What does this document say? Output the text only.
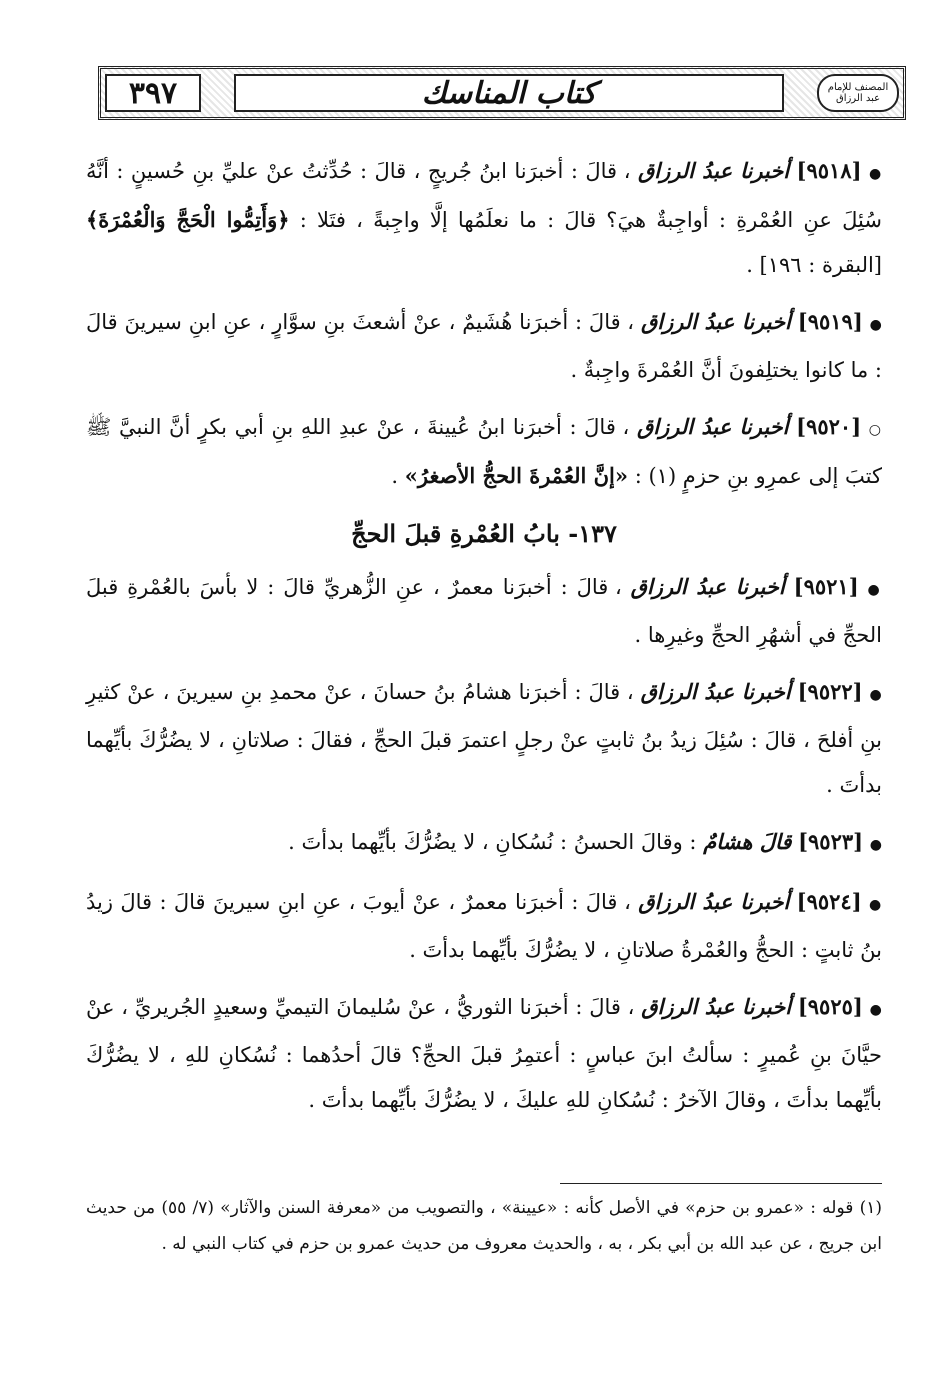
٣٩٧	كتاب المناسك	المصنف للإمام عبد الرزاق

● [٩٥١٨] أخبرنا عبدُ الرزاق ، قالَ : أخبرَنا ابنُ جُريجٍ ، قالَ : حُدِّثتُ عنْ عليِّ بنِ حُسينٍ : أنَّهُ سُئِلَ عنِ العُمْرةِ : أواجِبةٌ هيَ؟ قالَ : ما نعلَمُها إلَّا واجِبةً ، فتَلا : ﴿وَأَتِمُّوا الْحَجَّ وَالْعُمْرَةَ﴾ [البقرة : ١٩٦] .

● [٩٥١٩] أخبرنا عبدُ الرزاق ، قالَ : أخبرَنا هُشَيمٌ ، عنْ أشعثَ بنِ سوَّارٍ ، عنِ ابنِ سيرينَ قالَ : ما كانوا يختلِفونَ أنَّ العُمْرةَ واجِبةٌ .

○ [٩٥٢٠] أخبرنا عبدُ الرزاق ، قالَ : أخبرَنا ابنُ عُيينةَ ، عنْ عبدِ اللهِ بنِ أبي بكرٍ أنَّ النبيَّ ﷺ كتبَ إلى عمرِو بنِ حزمٍ (١) : «إنَّ العُمْرةَ الحجُّ الأصغرُ» .

١٣٧- بابُ العُمْرةِ قبلَ الحجِّ

● [٩٥٢١] أخبرنا عبدُ الرزاق ، قالَ : أخبرَنا معمرٌ ، عنِ الزُّهريِّ قالَ : لا بأسَ بالعُمْرةِ قبلَ الحجِّ في أشهُرِ الحجِّ وغيرِها .

● [٩٥٢٢] أخبرنا عبدُ الرزاق ، قالَ : أخبرَنا هشامُ بنُ حسانَ ، عنْ محمدِ بنِ سيرينَ ، عنْ كثيرِ بنِ أفلحَ ، قالَ : سُئِلَ زيدُ بنُ ثابتٍ عنْ رجلٍ اعتمرَ قبلَ الحجِّ ، فقالَ : صلاتانِ ، لا يضُرُّكَ بأيِّهما بدأتَ .

● [٩٥٢٣] قالَ هشامٌ : وقالَ الحسنُ : نُسُكانِ ، لا يضُرُّكَ بأيِّهما بدأتَ .

● [٩٥٢٤] أخبرنا عبدُ الرزاق ، قالَ : أخبرَنا معمرٌ ، عنْ أيوبَ ، عنِ ابنِ سيرينَ قالَ : قالَ زيدُ بنُ ثابتٍ : الحجُّ والعُمْرةُ صلاتانِ ، لا يضُرُّكَ بأيِّهما بدأتَ .

● [٩٥٢٥] أخبرنا عبدُ الرزاق ، قالَ : أخبرَنا الثوريُّ ، عنْ سُليمانَ التيميِّ وسعيدٍ الجُريريِّ ، عنْ حيَّانَ بنِ عُميرٍ : سألتُ ابنَ عباسٍ : أعتمِرُ قبلَ الحجِّ؟ قالَ أحدُهما : نُسُكانِ للهِ ، لا يضُرُّكَ بأيِّهما بدأتَ ، وقالَ الآخرُ : نُسُكانِ للهِ عليكَ ، لا يضُرُّكَ بأيِّهما بدأتَ .

(١) قوله : «عمرو بن حزم» في الأصل كأنه : «عيينة» ، والتصويب من «معرفة السنن والآثار» (٧/ ٥٥) من حديث ابن جريج ، عن عبد الله بن أبي بكر ، به ، والحديث معروف من حديث عمرو بن حزم في كتاب النبي له .
